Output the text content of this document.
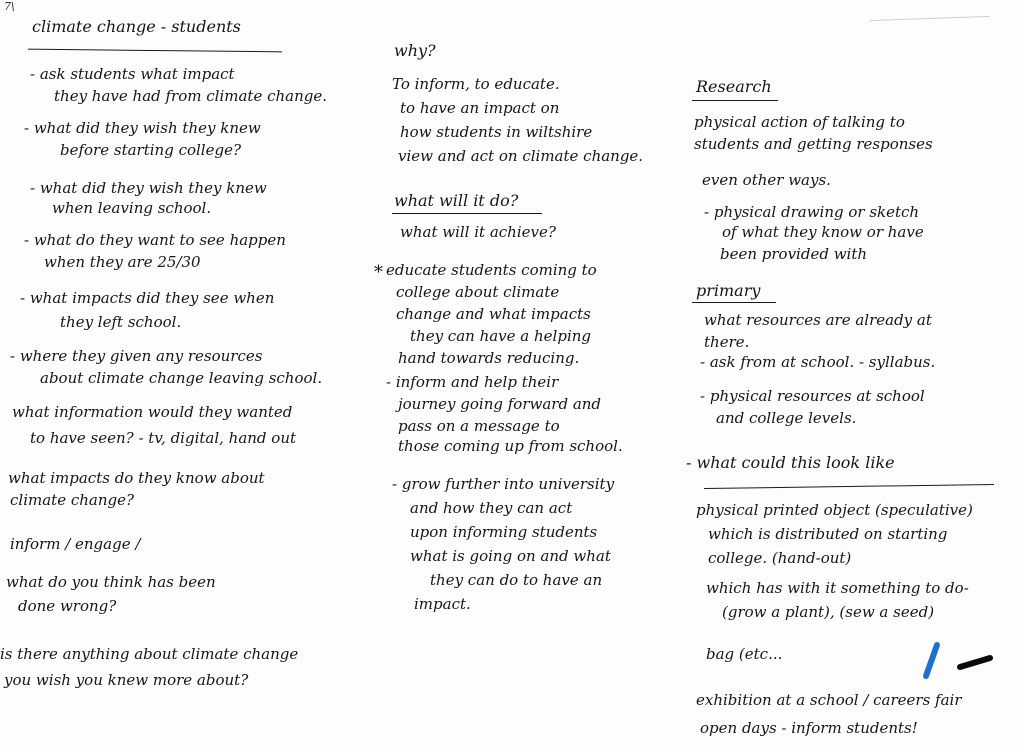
7\
climate change - students
- ask students what impact
they have had from climate change.
- what did they wish they knew
before starting college?
- what did they wish they knew
when leaving school.
- what do they want to see happen
when they are 25/30
- what impacts did they see when
they left school.
- where they given any resources
about climate change leaving school.
what information would they wanted
to have seen? - tv, digital, hand out
what impacts do they know about
climate change?
inform / engage /
what do you think has been
done wrong?
is there anything about climate change
you wish you knew more about?
why?
To inform, to educate.
to have an impact on
how students in wiltshire
view and act on climate change.
what will it do?
what will it achieve?
* educate students coming to
college about climate
change and what impacts
they can have a helping
hand towards reducing.
- inform and help their
journey going forward and
pass on a message to
those coming up from school.
- grow further into university
and how they can act
upon informing students
what is going on and what
they can do to have an
impact.
Research
physical action of talking to
students and getting responses
even other ways.
- physical drawing or sketch
of what they know or have
been provided with
primary
what resources are already at
there.
- ask from at school. - syllabus.
- physical resources at school
and college levels.
- what could this look like
physical printed object (speculative)
which is distributed on starting
college. (hand-out)
which has with it something to do-
(grow a plant), (sew a seed)
bag (etc...
exhibition at a school / careers fair
open days - inform students!
